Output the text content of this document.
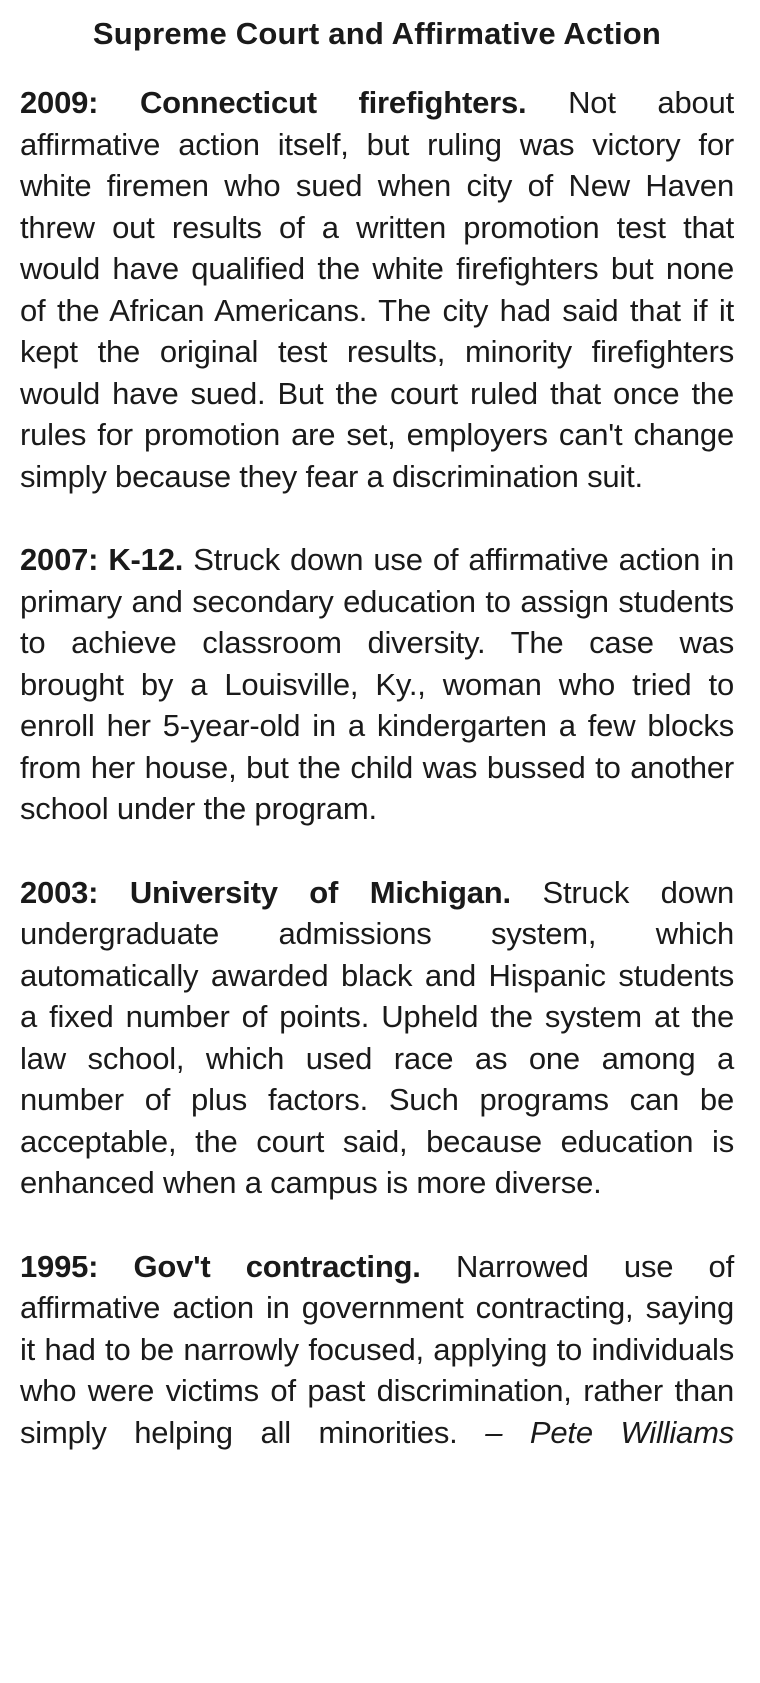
Supreme Court and Affirmative Action

2009: Connecticut firefighters. Not about affirmative action itself, but ruling was victory for white firemen who sued when city of New Haven threw out results of a written promotion test that would have qualified the white firefighters but none of the African Americans. The city had said that if it kept the original test results, minority firefighters would have sued. But the court ruled that once the rules for promotion are set, employers can't change simply because they fear a discrimination suit.

2007: K-12. Struck down use of affirmative action in primary and secondary education to assign students to achieve classroom diversity. The case was brought by a Louisville, Ky., woman who tried to enroll her 5-year-old in a kindergarten a few blocks from her house, but the child was bussed to another school under the program.

2003: University of Michigan. Struck down undergraduate admissions system, which automatically awarded black and Hispanic students a fixed number of points. Upheld the system at the law school, which used race as one among a number of plus factors. Such programs can be acceptable, the court said, because education is enhanced when a campus is more diverse.

1995: Gov't contracting. Narrowed use of affirmative action in government contracting, saying it had to be narrowly focused, applying to individuals who were victims of past discrimination, rather than simply helping all minorities. – Pete Williams
